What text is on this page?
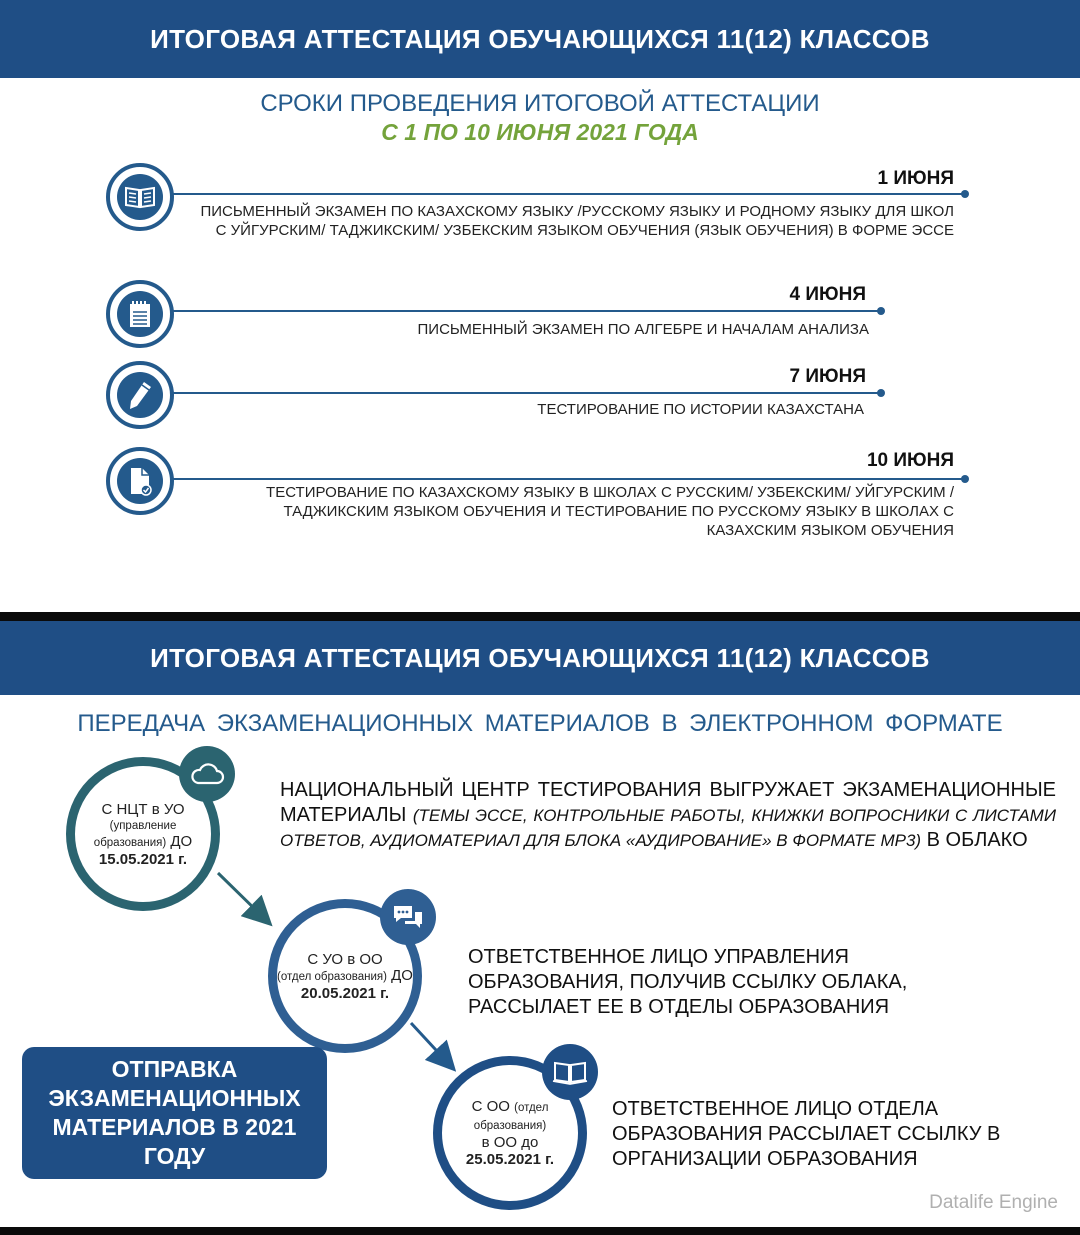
ИТОГОВАЯ АТТЕСТАЦИЯ ОБУЧАЮЩИХСЯ 11(12) КЛАССОВ
СРОКИ ПРОВЕДЕНИЯ ИТОГОВОЙ АТТЕСТАЦИИ
С 1 ПО 10 ИЮНЯ 2021 ГОДА
1 ИЮНЯ
ПИСЬМЕННЫЙ ЭКЗАМЕН ПО КАЗАХСКОМУ ЯЗЫКУ /РУССКОМУ ЯЗЫКУ И РОДНОМУ ЯЗЫКУ ДЛЯ ШКОЛ С УЙГУРСКИМ/ ТАДЖИКСКИМ/ УЗБЕКСКИМ ЯЗЫКОМ ОБУЧЕНИЯ (ЯЗЫК ОБУЧЕНИЯ) В ФОРМЕ ЭССЕ
4 ИЮНЯ
ПИСЬМЕННЫЙ ЭКЗАМЕН ПО АЛГЕБРЕ И НАЧАЛАМ АНАЛИЗА
7 ИЮНЯ
ТЕСТИРОВАНИЕ ПО ИСТОРИИ КАЗАХСТАНА
10 ИЮНЯ
ТЕСТИРОВАНИЕ ПО КАЗАХСКОМУ ЯЗЫКУ В ШКОЛАХ С РУССКИМ/ УЗБЕКСКИМ/ УЙГУРСКИМ / ТАДЖИКСКИМ ЯЗЫКОМ ОБУЧЕНИЯ И ТЕСТИРОВАНИЕ ПО РУССКОМУ ЯЗЫКУ В ШКОЛАХ С КАЗАХСКИМ ЯЗЫКОМ ОБУЧЕНИЯ
ИТОГОВАЯ АТТЕСТАЦИЯ ОБУЧАЮЩИХСЯ 11(12) КЛАССОВ
ПЕРЕДАЧА ЭКЗАМЕНАЦИОННЫХ МАТЕРИАЛОВ В ЭЛЕКТРОННОМ ФОРМАТЕ
С НЦТ в УО
(управление образования) ДО
15.05.2021 г.
С УО в ОО
(отдел образования) ДО
20.05.2021 г.
С ОО (отдел образования)
в ОО до
25.05.2021 г.
НАЦИОНАЛЬНЫЙ ЦЕНТР ТЕСТИРОВАНИЯ ВЫГРУЖАЕТ ЭКЗАМЕНАЦИОННЫЕ МАТЕРИАЛЫ (ТЕМЫ ЭССЕ, КОНТРОЛЬНЫЕ РАБОТЫ, КНИЖКИ ВОПРОСНИКИ С ЛИСТАМИ ОТВЕТОВ, АУДИОМАТЕРИАЛ ДЛЯ БЛОКА «АУДИРОВАНИЕ» В ФОРМАТЕ МР3) В ОБЛАКО
ОТВЕТСТВЕННОЕ ЛИЦО УПРАВЛЕНИЯ ОБРАЗОВАНИЯ, ПОЛУЧИВ ССЫЛКУ ОБЛАКА, РАССЫЛАЕТ ЕЕ В ОТДЕЛЫ ОБРАЗОВАНИЯ
ОТВЕТСТВЕННОЕ ЛИЦО ОТДЕЛА ОБРАЗОВАНИЯ РАССЫЛАЕТ ССЫЛКУ В ОРГАНИЗАЦИИ ОБРАЗОВАНИЯ
ОТПРАВКА ЭКЗАМЕНАЦИОННЫХ МАТЕРИАЛОВ В 2021 ГОДУ
Datalife Engine
